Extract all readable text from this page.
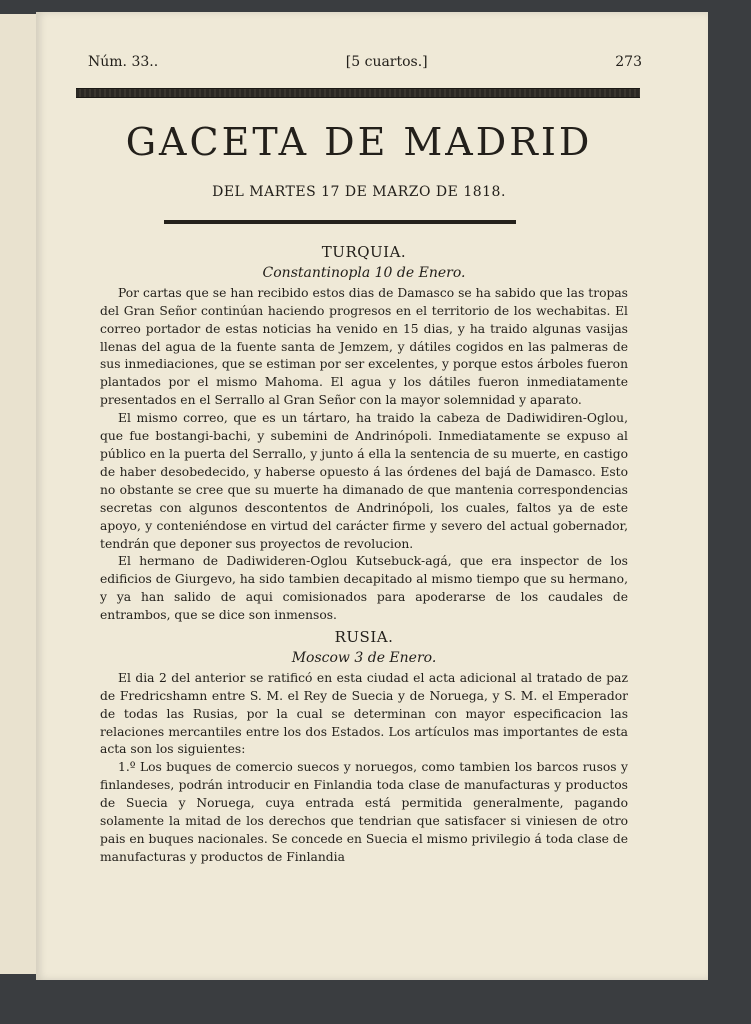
Núm. 33..	[5 cuartos.]	273
GACETA DE MADRID
DEL MARTES 17 DE MARZO DE 1818.
TURQUIA.
Constantinopla 10 de Enero.

Por cartas que se han recibido estos dias de Damasco se ha sabido que las tropas del Gran Señor continúan haciendo progresos en el territorio de los wechabitas. El correo portador de estas noticias ha venido en 15 dias, y ha traido algunas vasijas llenas del agua de la fuente santa de Jemzem, y dátiles cogidos en las palmeras de sus inmediaciones, que se estiman por ser excelentes, y porque estos árboles fueron plantados por el mismo Mahoma. El agua y los dátiles fueron inmediatamente presentados en el Serrallo al Gran Señor con la mayor solemnidad y aparato.

El mismo correo, que es un tártaro, ha traido la cabeza de Dadiwidiren-Oglou, que fue bostangi-bachi, y subemini de Andrinópoli. Inmediatamente se expuso al público en la puerta del Serrallo, y junto á ella la sentencia de su muerte, en castigo de haber desobedecido, y haberse opuesto á las órdenes del bajá de Damasco. Esto no obstante se cree que su muerte ha dimanado de que mantenia correspondencias secretas con algunos descontentos de Andrinópoli, los cuales, faltos ya de este apoyo, y conteniéndose en virtud del carácter firme y severo del actual gobernador, tendrán que deponer sus proyectos de revolucion.

El hermano de Dadiwideren-Oglou Kutsebuck-agá, que era inspector de los edificios de Giurgevo, ha sido tambien decapitado al mismo tiempo que su hermano, y ya han salido de aqui comisionados para apoderarse de los caudales de entrambos, que se dice son inmensos.

RUSIA.
Moscow 3 de Enero.

El dia 2 del anterior se ratificó en esta ciudad el acta adicional al tratado de paz de Fredricshamn entre S. M. el Rey de Suecia y de Noruega, y S. M. el Emperador de todas las Rusias, por la cual se determinan con mayor especificacion las relaciones mercantiles entre los dos Estados. Los artículos mas importantes de esta acta son los siguientes:

1.º Los buques de comercio suecos y noruegos, como tambien los barcos rusos y finlandeses, podrán introducir en Finlandia toda clase de manufacturas y productos de Suecia y Noruega, cuya entrada está permitida generalmente, pagando solamente la mitad de los derechos que tendrian que satisfacer si viniesen de otro pais en buques nacionales. Se concede en Suecia el mismo privilegio á toda clase de manufacturas y productos de Finlandia
